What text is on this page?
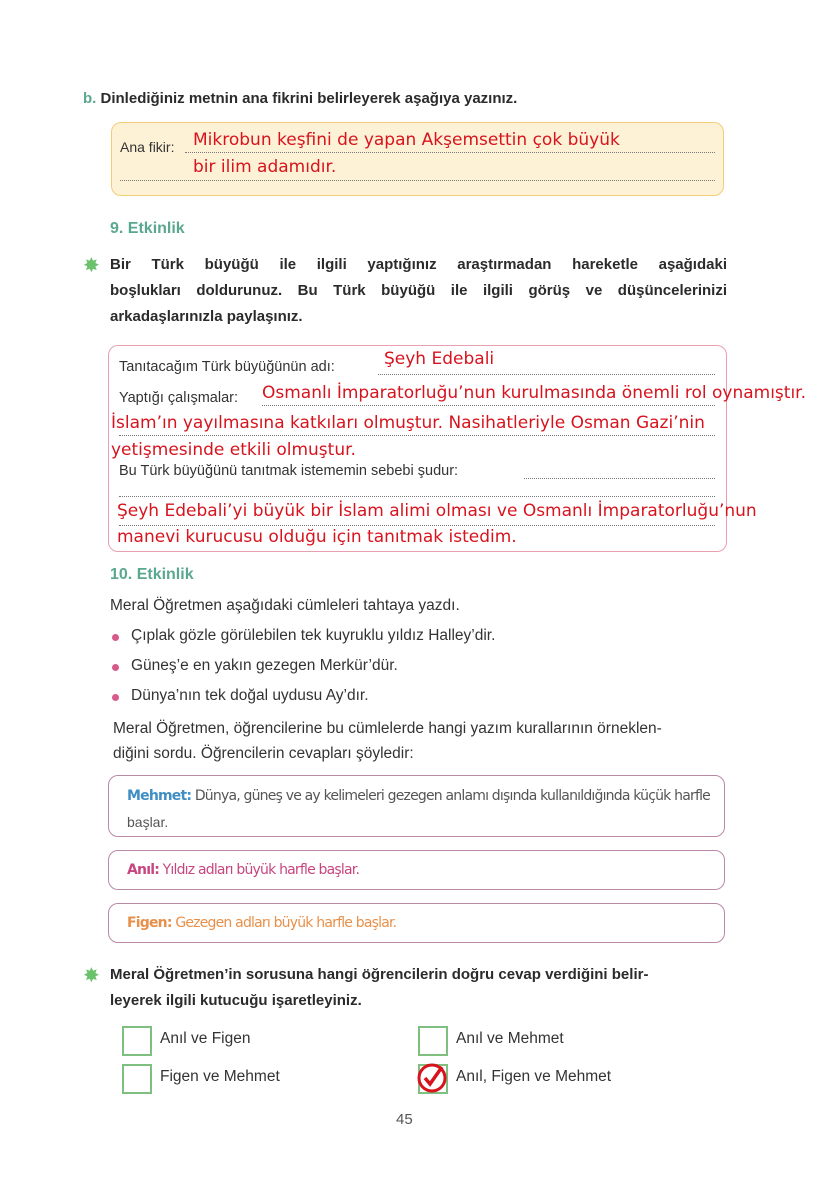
b. Dinlediğiniz metnin ana fikrini belirleyerek aşağıya yazınız.
Ana fikir: Mikrobun keşfini de yapan Akşemsettin çok büyük
bir ilim adamıdır.
9. Etkinlik
✸ Bir Türk büyüğü ile ilgili yaptığınız araştırmadan hareketle aşağıdaki
boşlukları doldurunuz. Bu Türk büyüğü ile ilgili görüş ve düşüncelerinizi
arkadaşlarınızla paylaşınız.
Tanıtacağım Türk büyüğünün adı:	Şeyh Edebali
Yaptığı çalışmalar: Osmanlı İmparatorluğu’nun kurulmasında önemli rol oynamıştır.
İslam’ın yayılmasına katkıları olmuştur. Nasihatleriyle Osman Gazi’nin
yetişmesinde etkili olmuştur.
Bu Türk büyüğünü tanıtmak istememin sebebi şudur:
Şeyh Edebali’yi büyük bir İslam alimi olması ve Osmanlı İmparatorluğu’nun
manevi kurucusu olduğu için tanıtmak istedim.
10. Etkinlik
Meral Öğretmen aşağıdaki cümleleri tahtaya yazdı.
Çıplak gözle görülebilen tek kuyruklu yıldız Halley’dir.
Güneş’e en yakın gezegen Merkür’dür.
Dünya’nın tek doğal uydusu Ay’dır.
Meral Öğretmen, öğrencilerine bu cümlelerde hangi yazım kurallarının örneklen-
diğini sordu. Öğrencilerin cevapları şöyledir:
Mehmet: Dünya, güneş ve ay kelimeleri gezegen anlamı dışında kullanıldığında küçük harfle
başlar.
Anıl: Yıldız adları büyük harfle başlar.
Figen: Gezegen adları büyük harfle başlar.
✸ Meral Öğretmen’in sorusuna hangi öğrencilerin doğru cevap verdiğini belir-
leyerek ilgili kutucuğu işaretleyiniz.
Anıl ve Figen	Anıl ve Mehmet
Figen ve Mehmet	Anıl, Figen ve Mehmet
45
